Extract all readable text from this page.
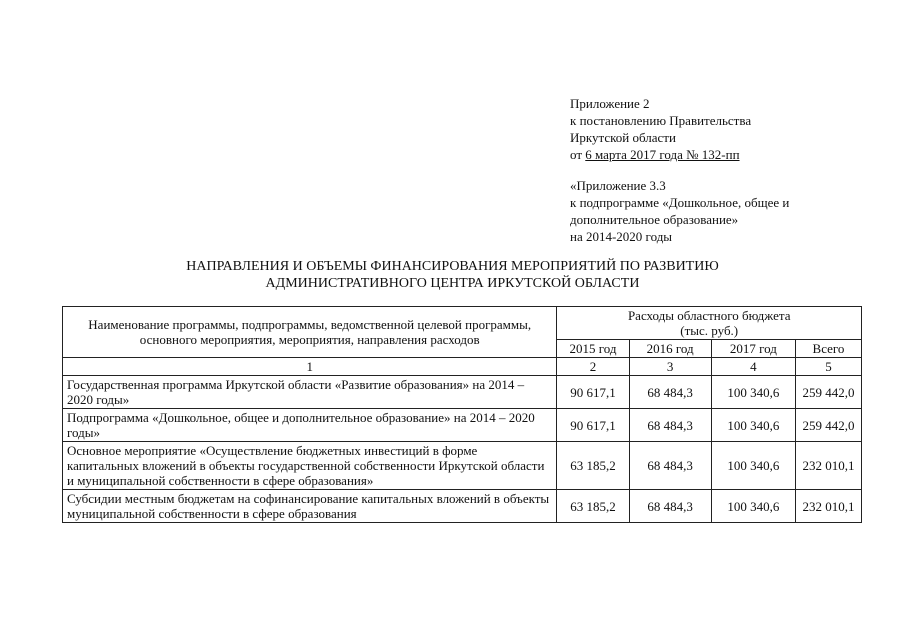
Приложение 2
к постановлению Правительства
Иркутской области
от 6 марта 2017 года № 132-пп
«Приложение 3.3
к подпрограмме «Дошкольное, общее и
дополнительное образование»
на 2014-2020 годы
НАПРАВЛЕНИЯ И ОБЪЕМЫ ФИНАНСИРОВАНИЯ МЕРОПРИЯТИЙ ПО РАЗВИТИЮ
АДМИНИСТРАТИВНОГО ЦЕНТРА ИРКУТСКОЙ ОБЛАСТИ
Наименование программы, подпрограммы, ведомственной целевой программы, основного мероприятия, мероприятия, направления расходов	Расходы областного бюджета
(тыс. руб.)			

	2015 год	2016 год	2017 год	Всего
1	2	3	4	5
Государственная программа Иркутской области «Развитие образования» на 2014 – 2020 годы»	90 617,1	68 484,3	100 340,6	259 442,0
Подпрограмма «Дошкольное, общее и дополнительное образование» на 2014 – 2020 годы»	90 617,1	68 484,3	100 340,6	259 442,0
Основное мероприятие «Осуществление бюджетных инвестиций в форме капитальных вложений в объекты государственной собственности Иркутской области и муниципальной собственности в сфере образования»	63 185,2	68 484,3	100 340,6	232 010,1
Субсидии местным бюджетам на софинансирование капитальных вложений в объекты муниципальной собственности в сфере образования	63 185,2	68 484,3	100 340,6	232 010,1
